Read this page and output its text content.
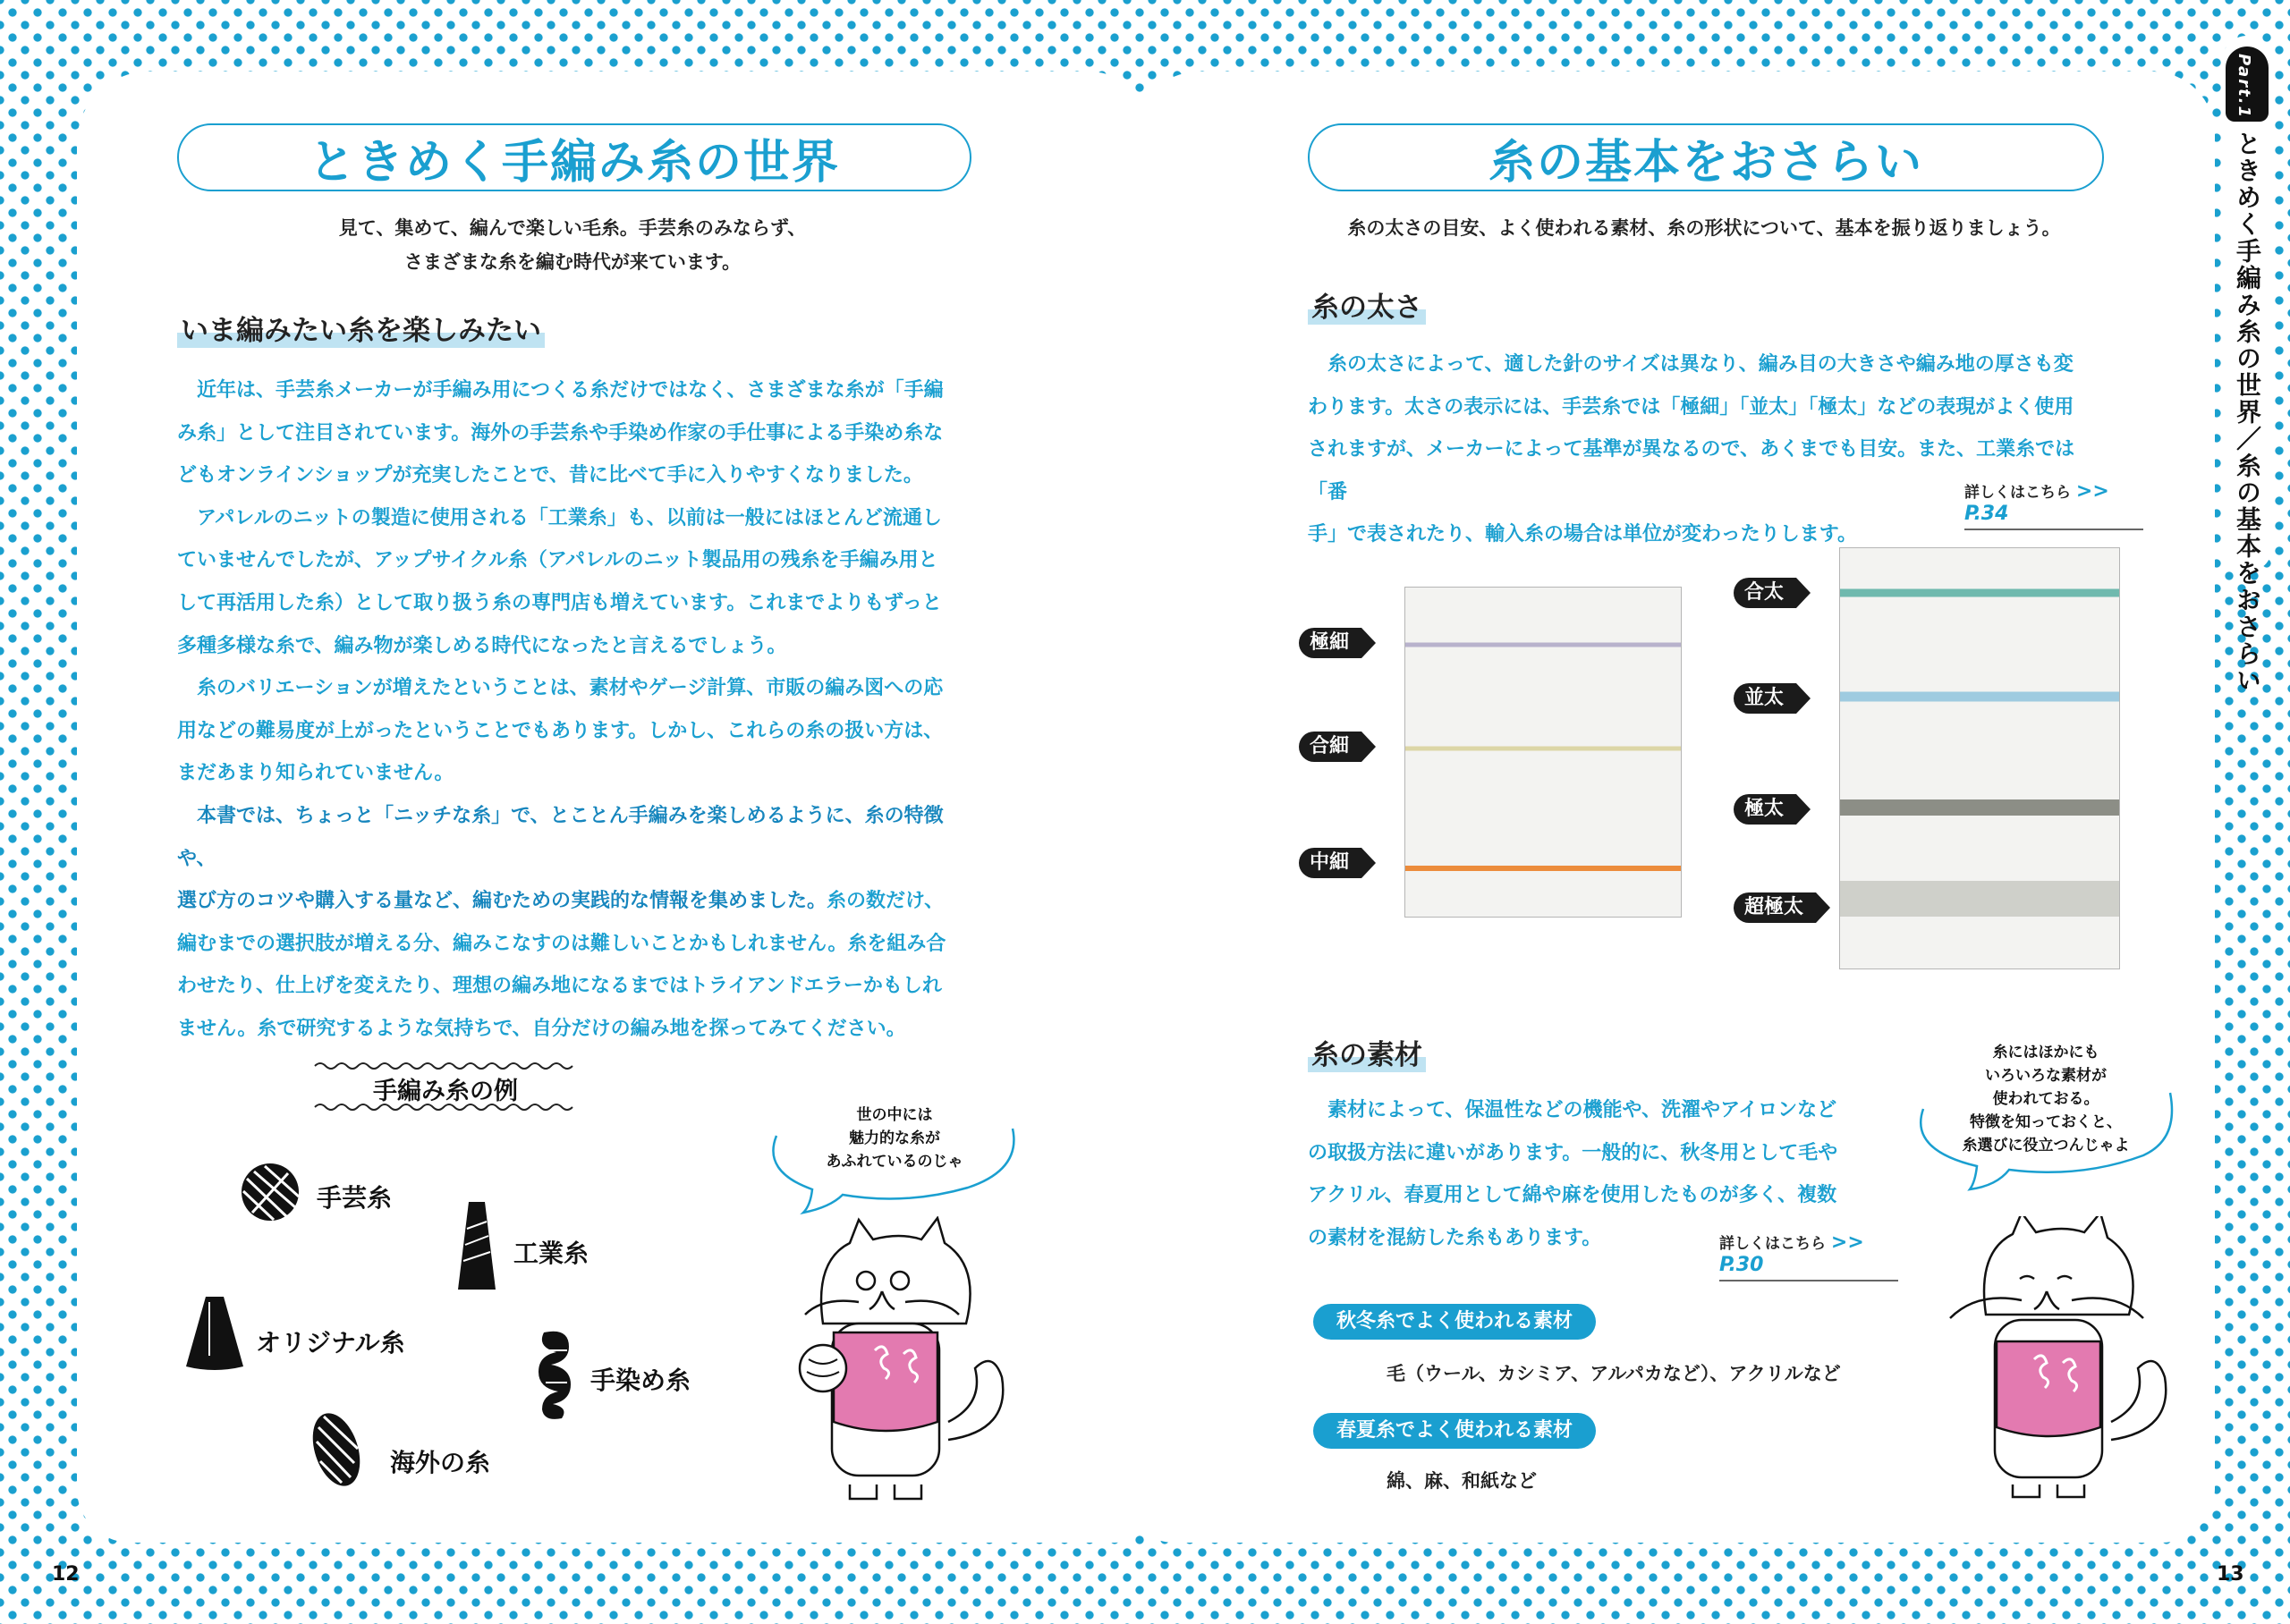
ときめく手編み糸の世界
見て、集めて、編んで楽しい毛糸。手芸糸のみならず、
さまざまな糸を編む時代が来ています。
いま編みたい糸を楽しみたい

近年は、手芸糸メーカーが手編み用につくる糸だけではなく、さまざまな糸が「手編

み糸」として注目されています。海外の手芸糸や手染め作家の手仕事による手染め糸な

どもオンラインショップが充実したことで、昔に比べて手に入りやすくなりました。

アパレルのニットの製造に使用される「工業糸」も、以前は一般にはほとんど流通し

ていませんでしたが、アップサイクル糸（アパレルのニット製品用の残糸を手編み用と

して再活用した糸）として取り扱う糸の専門店も増えています。これまでよりもずっと

多種多様な糸で、編み物が楽しめる時代になったと言えるでしょう。

糸のバリエーションが増えたということは、素材やゲージ計算、市販の編み図への応

用などの難易度が上がったということでもあります。しかし、これらの糸の扱い方は、

まだあまり知られていません。

本書では、ちょっと「ニッチな糸」で、とことん手編みを楽しめるように、糸の特徴や、

選び方のコツや購入する量など、編むための実践的な情報を集めました。糸の数だけ、

編むまでの選択肢が増える分、編みこなすのは難しいことかもしれません。糸を組み合

わせたり、仕上げを変えたり、理想の編み地になるまではトライアンドエラーかもしれ

ません。糸で研究するような気持ちで、自分だけの編み地を探ってみてください。

手編み糸の例
手芸糸
工業糸
オリジナル糸
手染め糸
海外の糸
世の中には
魅力的な糸が
あふれているのじゃ
12
糸の基本をおさらい
糸の太さの目安、よく使われる素材、糸の形状について、基本を振り返りましょう。
糸の太さ

糸の太さによって、適した針のサイズは異なり、編み目の大きさや編み地の厚さも変

わります。太さの表示には、手芸糸では「極細」「並太」「極太」などの表現がよく使用

されますが、メーカーによって基準が異なるので、あくまでも目安。また、工業糸では「番

手」で表されたり、輸入糸の場合は単位が変わったりします。

詳しくはこちら >> P.34
極細
合細
中細
合太
並太
極太
超極太
糸の素材

素材によって、保温性などの機能や、洗濯やアイロンなど

の取扱方法に違いがあります。一般的に、秋冬用として毛や

アクリル、春夏用として綿や麻を使用したものが多く、複数

の素材を混紡した糸もあります。	詳しくはこちら >> P.30
秋冬糸でよく使われる素材
毛（ウール、カシミア、アルパカなど）、アクリルなど
春夏糸でよく使われる素材
綿、麻、和紙など
糸にはほかにも
いろいろな素材が
使われておる。
特徴を知っておくと、
糸選びに役立つんじゃよ
13
Part.1
ときめく手編み糸の世界／糸の基本をおさらい
